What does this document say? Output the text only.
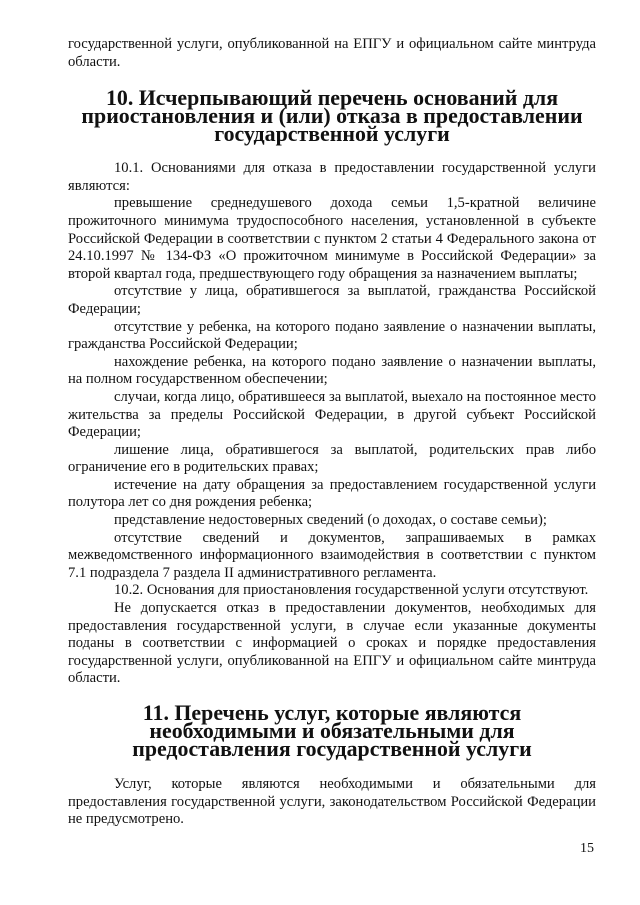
государственной услуги, опубликованной на ЕПГУ и официальном сайте минтруда области.

10. Исчерпывающий перечень оснований для приостановления и (или) отказа в предоставлении государственной услуги

10.1. Основаниями для отказа в предоставлении государственной услуги являются:

превышение среднедушевого дохода семьи 1,5-кратной величине прожиточного минимума трудоспособного населения, установленной в субъекте Российской Федерации в соответствии с пунктом 2 статьи 4 Федерального закона от 24.10.1997 № 134-ФЗ «О прожиточном минимуме в Российской Федерации» за второй квартал года, предшествующего году обращения за назначением выплаты;

отсутствие у лица, обратившегося за выплатой, гражданства Российской Федерации;

отсутствие у ребенка, на которого подано заявление о назначении выплаты, гражданства Российской Федерации;

нахождение ребенка, на которого подано заявление о назначении выплаты, на полном государственном обеспечении;

случаи, когда лицо, обратившееся за выплатой, выехало на постоянное место жительства за пределы Российской Федерации, в другой субъект Российской Федерации;

лишение лица, обратившегося за выплатой, родительских прав либо ограничение его в родительских правах;

истечение на дату обращения за предоставлением государственной услуги полутора лет со дня рождения ребенка;

представление недостоверных сведений (о доходах, о составе семьи);

отсутствие сведений и документов, запрашиваемых в рамках межведомственного информационного взаимодействия в соответствии с пунктом 7.1 подраздела 7 раздела II административного регламента.

10.2. Основания для приостановления государственной услуги отсутствуют.

Не допускается отказ в предоставлении документов, необходимых для предоставления государственной услуги, в случае если указанные документы поданы в соответствии с информацией о сроках и порядке предоставления государственной услуги, опубликованной на ЕПГУ и официальном сайте минтруда области.

11. Перечень услуг, которые являются необходимыми и обязательными для предоставления государственной услуги

Услуг, которые являются необходимыми и обязательными для предоставления государственной услуги, законодательством Российской Федерации не предусмотрено.

15
